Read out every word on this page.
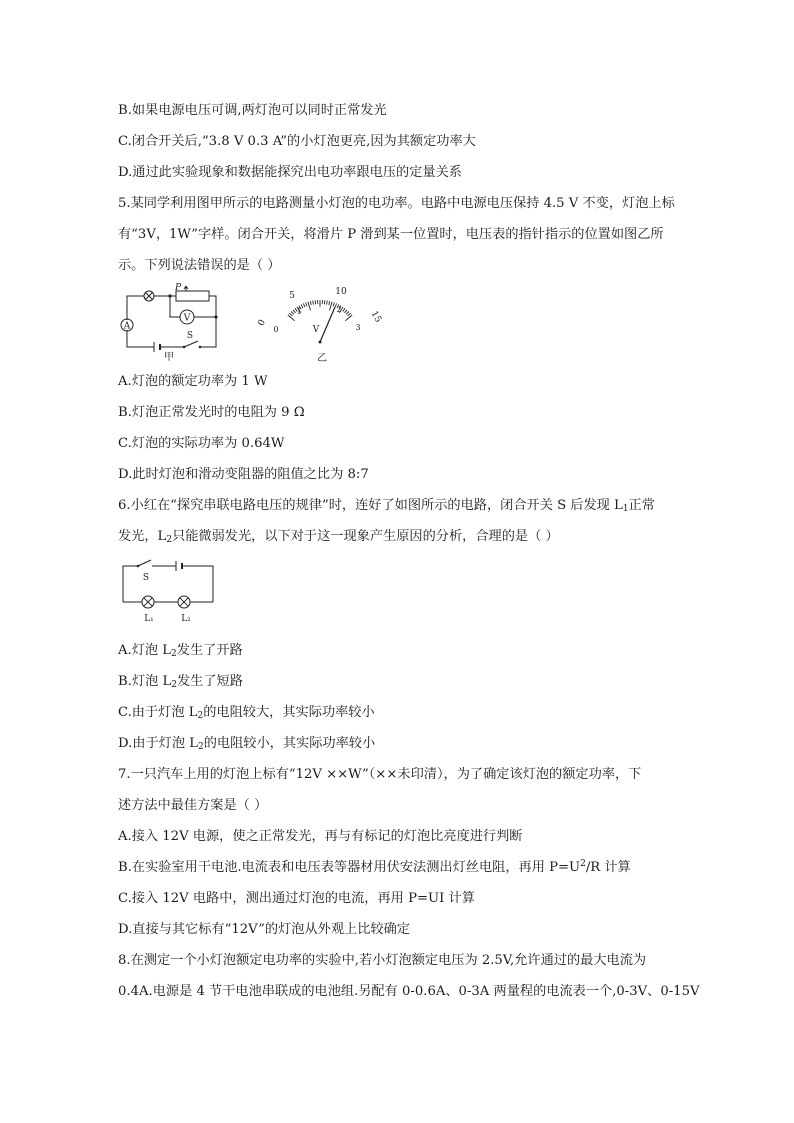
B.如果电源电压可调,两灯泡可以同时正常发光
C.闭合开关后,“3.8 V 0.3 A”的小灯泡更亮,因为其额定功率大
D.通过此实验现象和数据能探究出电功率跟电压的定量关系
5.某同学利用图甲所示的电路测量小灯泡的电功率。电路中电源电压保持 4.5 V 不变，灯泡上标
有“3V，1W”字样。闭合开关，将滑片 P 滑到某一位置时，电压表的指针指示的位置如图乙所
示。下列说法错误的是（ ）
A
V
P
S
甲
0
5	10
15
0
1	2
3
V
乙
A.灯泡的额定功率为 1 W
B.灯泡正常发光时的电阻为 9 Ω
C.灯泡的实际功率为 0.64W
D.此时灯泡和滑动变阻器的阻值之比为 8:7
6.小红在“探究串联电路电压的规律”时，连好了如图所示的电路，闭合开关 S 后发现 $L_1$正常
发光，$L_2$只能微弱发光，以下对于这一现象产生原因的分析，合理的是（ ）
S
L₁	L₂
A.灯泡 $L_2$发生了开路
B.灯泡 $L_2$发生了短路
C.由于灯泡 $L_2$的电阻较大，其实际功率较小
D.由于灯泡 $L_2$的电阻较小，其实际功率较小
7.一只汽车上用的灯泡上标有“12V ××W”（××未印清），为了确定该灯泡的额定功率，下
述方法中最佳方案是（ ）
A.接入 12V 电源，使之正常发光，再与有标记的灯泡比亮度进行判断
B.在实验室用干电池.电流表和电压表等器材用伏安法测出灯丝电阻，再用 $P=U^2/R$ 计算
C.接入 12V 电路中，测出通过灯泡的电流，再用 P=UI 计算
D.直接与其它标有“12V”的灯泡从外观上比较确定
8.在测定一个小灯泡额定电功率的实验中,若小灯泡额定电压为 2.5V,允许通过的最大电流为
0.4A.电源是 4 节干电池串联成的电池组.另配有 0-0.6A、0-3A 两量程的电流表一个,0-3V、0-15V
